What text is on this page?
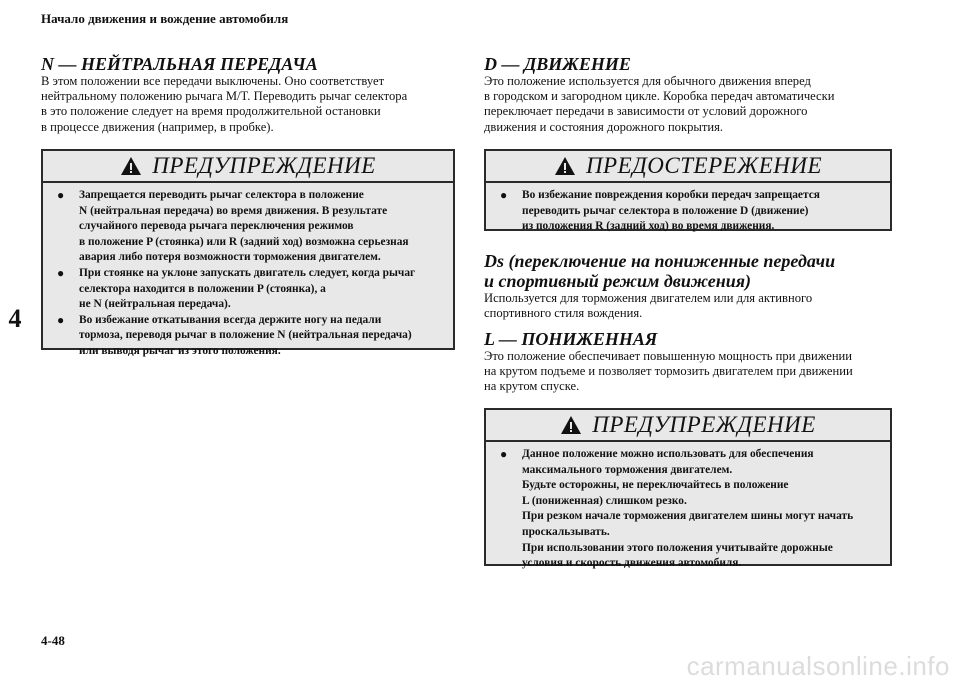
Начало движения и вождение автомобиля
N — НЕЙТРАЛЬНАЯ ПЕРЕДАЧА

В этом положении все передачи выключены. Оно соответствует
нейтральному положению рычага M/T. Переводить рычаг селектора
в это положение следует на время продолжительной остановки
в процессе движения (например, в пробке).

ПРЕДУПРЕЖДЕНИЕ
●	Запрещается переводить рычаг селектора в положение
N (нейтральная передача) во время движения. В результате
случайного перевода рычага переключения режимов
в положение P (стоянка) или R (задний ход) возможна серьезная
авария либо потеря возможности торможения двигателем.
●	При стоянке на уклоне запускать двигатель следует, когда рычаг
селектора находится в положении P (стоянка), а
не N (нейтральная передача).
●	Во избежание откатывания всегда держите ногу на педали
тормоза, переводя рычаг в положение N (нейтральная передача)
или выводя рычаг из этого положения.
4
D — ДВИЖЕНИЕ

Это положение используется для обычного движения вперед
в городском и загородном цикле. Коробка передач автоматически
переключает передачи в зависимости от условий дорожного
движения и состояния дорожного покрытия.

ПРЕДОСТЕРЕЖЕНИЕ
●	Во избежание повреждения коробки передач запрещается
переводить рычаг селектора в положение D (движение)
из положения R (задний ход) во время движения.
Ds (переключение на пониженные передачи
и спортивный режим движения)

Используется для торможения двигателем или для активного
спортивного стиля вождения.

L — ПОНИЖЕННАЯ

Это положение обеспечивает повышенную мощность при движении
на крутом подъеме и позволяет тормозить двигателем при движении
на крутом спуске.

ПРЕДУПРЕЖДЕНИЕ
●	Данное положение можно использовать для обеспечения
максимального торможения двигателем.
Будьте осторожны, не переключайтесь в положение
L (пониженная) слишком резко.
При резком начале торможения двигателем шины могут начать
проскальзывать.
При использовании этого положения учитывайте дорожные
условия и скорость движения автомобиля.
4-48
carmanualsonline.info
